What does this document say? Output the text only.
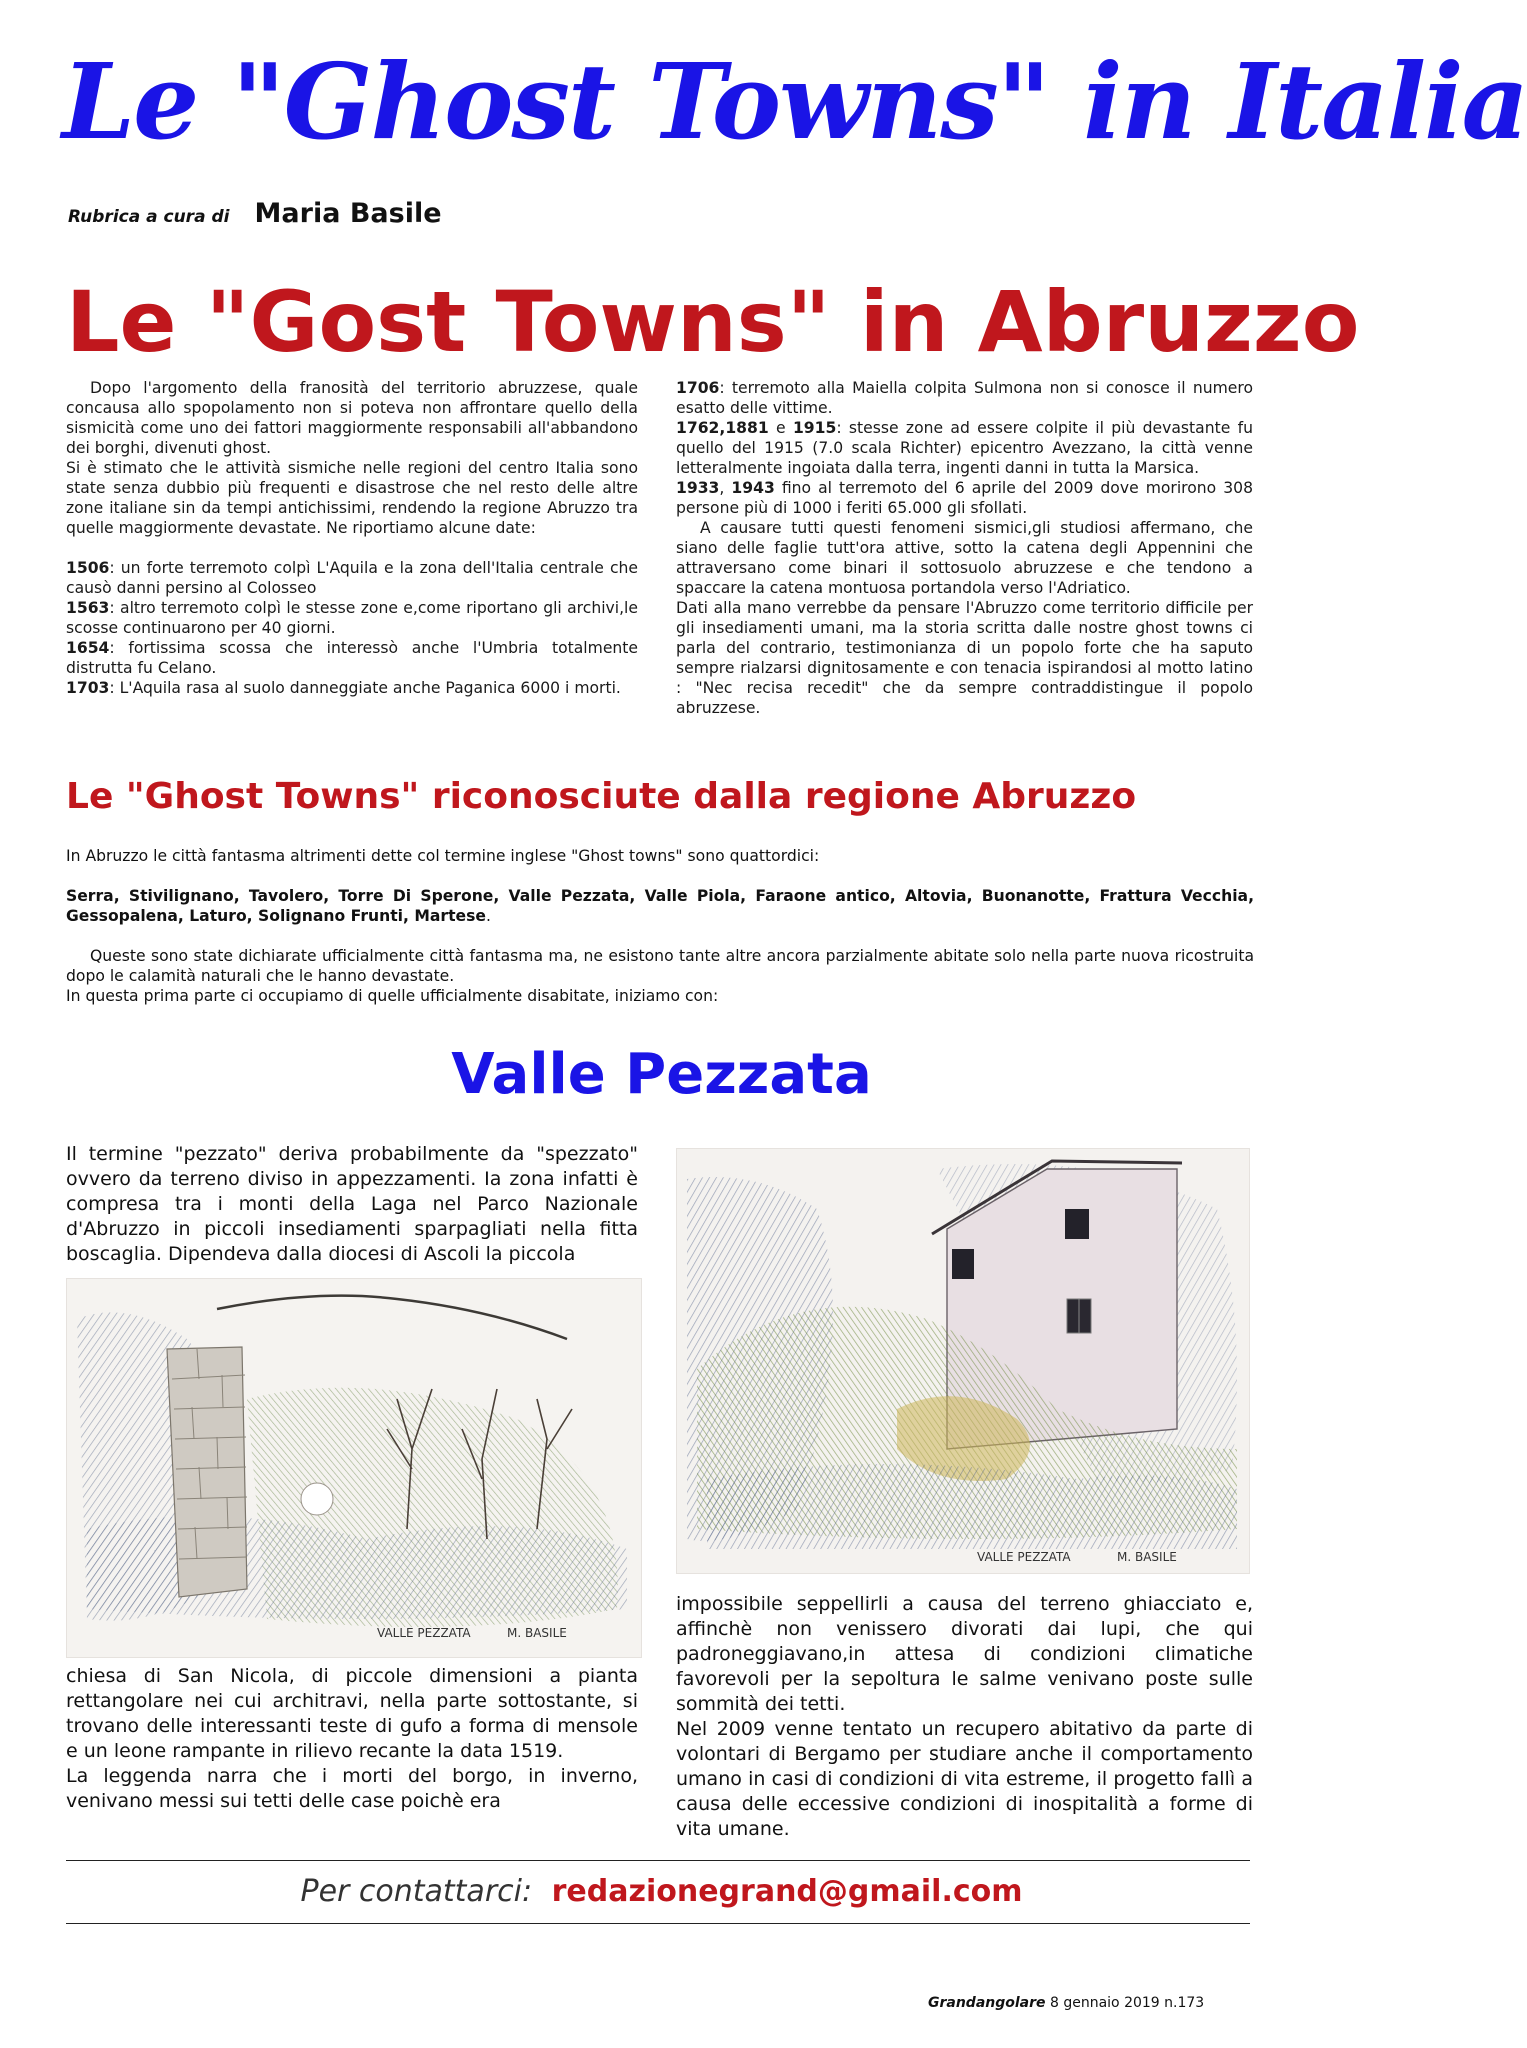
Le "Ghost Towns" in Italia
Rubrica a cura di Maria Basile
Le "Gost Towns" in Abruzzo

Dopo l'argomento della franosità del territorio abruzzese, quale concausa allo spopolamento non si poteva non affrontare quello della sismicità come uno dei fattori maggiormente responsabili all'abbandono dei borghi, divenuti ghost.

Si è stimato che le attività sismiche nelle regioni del centro Italia sono state senza dubbio più frequenti e disastrose che nel resto delle altre zone italiane sin da tempi antichissimi, rendendo la regione Abruzzo tra quelle maggiormente devastate. Ne riportiamo alcune date:

1506: un forte terremoto colpì L'Aquila e la zona dell'Italia centrale che causò danni persino al Colosseo

1563: altro terremoto colpì le stesse zone e,come riportano gli archivi,le scosse continuarono per 40 giorni.

1654: fortissima scossa che interessò anche l'Umbria totalmente distrutta fu Celano.

1703: L'Aquila rasa al suolo danneggiate anche Paganica 6000 i morti.

1706: terremoto alla Maiella colpita Sulmona non si conosce il numero esatto delle vittime.

1762,1881 e 1915: stesse zone ad essere colpite il più devastante fu quello del 1915 (7.0 scala Richter) epicentro Avezzano, la città venne letteralmente ingoiata dalla terra, ingenti danni in tutta la Marsica.

1933, 1943 fino al terremoto del 6 aprile del 2009 dove morirono 308 persone più di 1000 i feriti 65.000 gli sfollati.

A causare tutti questi fenomeni sismici,gli studiosi affermano, che siano delle faglie tutt'ora attive, sotto la catena degli Appennini che attraversano come binari il sottosuolo abruzzese e che tendono a spaccare la catena montuosa portandola verso l'Adriatico.

Dati alla mano verrebbe da pensare l'Abruzzo come territorio difficile per gli insediamenti umani, ma la storia scritta dalle nostre ghost towns ci parla del contrario, testimonianza di un popolo forte che ha saputo sempre rialzarsi dignitosamente e con tenacia ispirandosi al motto latino : "Nec recisa recedit" che da sempre contraddistingue il popolo abruzzese.

Le "Ghost Towns" riconosciute dalla regione Abruzzo

In Abruzzo le città fantasma altrimenti dette col termine inglese "Ghost towns" sono quattordici:

Serra, Stivilignano, Tavolero, Torre Di Sperone, Valle Pezzata, Valle Piola, Faraone antico, Altovia, Buonanotte, Frattura Vecchia, Gessopalena, Laturo, Solignano Frunti, Martese.

Queste sono state dichiarate ufficialmente città fantasma ma, ne esistono tante altre ancora parzialmente abitate solo nella parte nuova ricostruita dopo le calamità naturali che le hanno devastate.

In questa prima parte ci occupiamo di quelle ufficialmente disabitate, iniziamo con:

Valle Pezzata

Il termine "pezzato" deriva probabilmente da "spezzato" ovvero da terreno diviso in appezzamenti. Ia zona infatti è compresa tra i monti della Laga nel Parco Nazionale d'Abruzzo in piccoli insediamenti sparpagliati nella fitta boscaglia. Dipendeva dalla diocesi di Ascoli la piccola

VALLE PEZZATA	M. BASILE

chiesa di San Nicola, di piccole dimensioni a pianta rettangolare nei cui architravi, nella parte sottostante, si trovano delle interessanti teste di gufo a forma di mensole e un leone rampante in rilievo recante la data 1519.

La leggenda narra che i morti del borgo, in inverno, venivano messi sui tetti delle case poichè era

VALLE PEZZATA	M. BASILE

impossibile seppellirli a causa del terreno ghiacciato e, affinchè non venissero divorati dai lupi, che qui padroneggiavano,in attesa di condizioni climatiche favorevoli per la sepoltura le salme venivano poste sulle sommità dei tetti.

Nel 2009 venne tentato un recupero abitativo da parte di volontari di Bergamo per studiare anche il comportamento umano in casi di condizioni di vita estreme, il progetto fallì a causa delle eccessive condizioni di inospitalità a forme di vita umane.

Per contattarci: redazionegrand@gmail.com
Grandangolare 8 gennaio 2019 n.173
